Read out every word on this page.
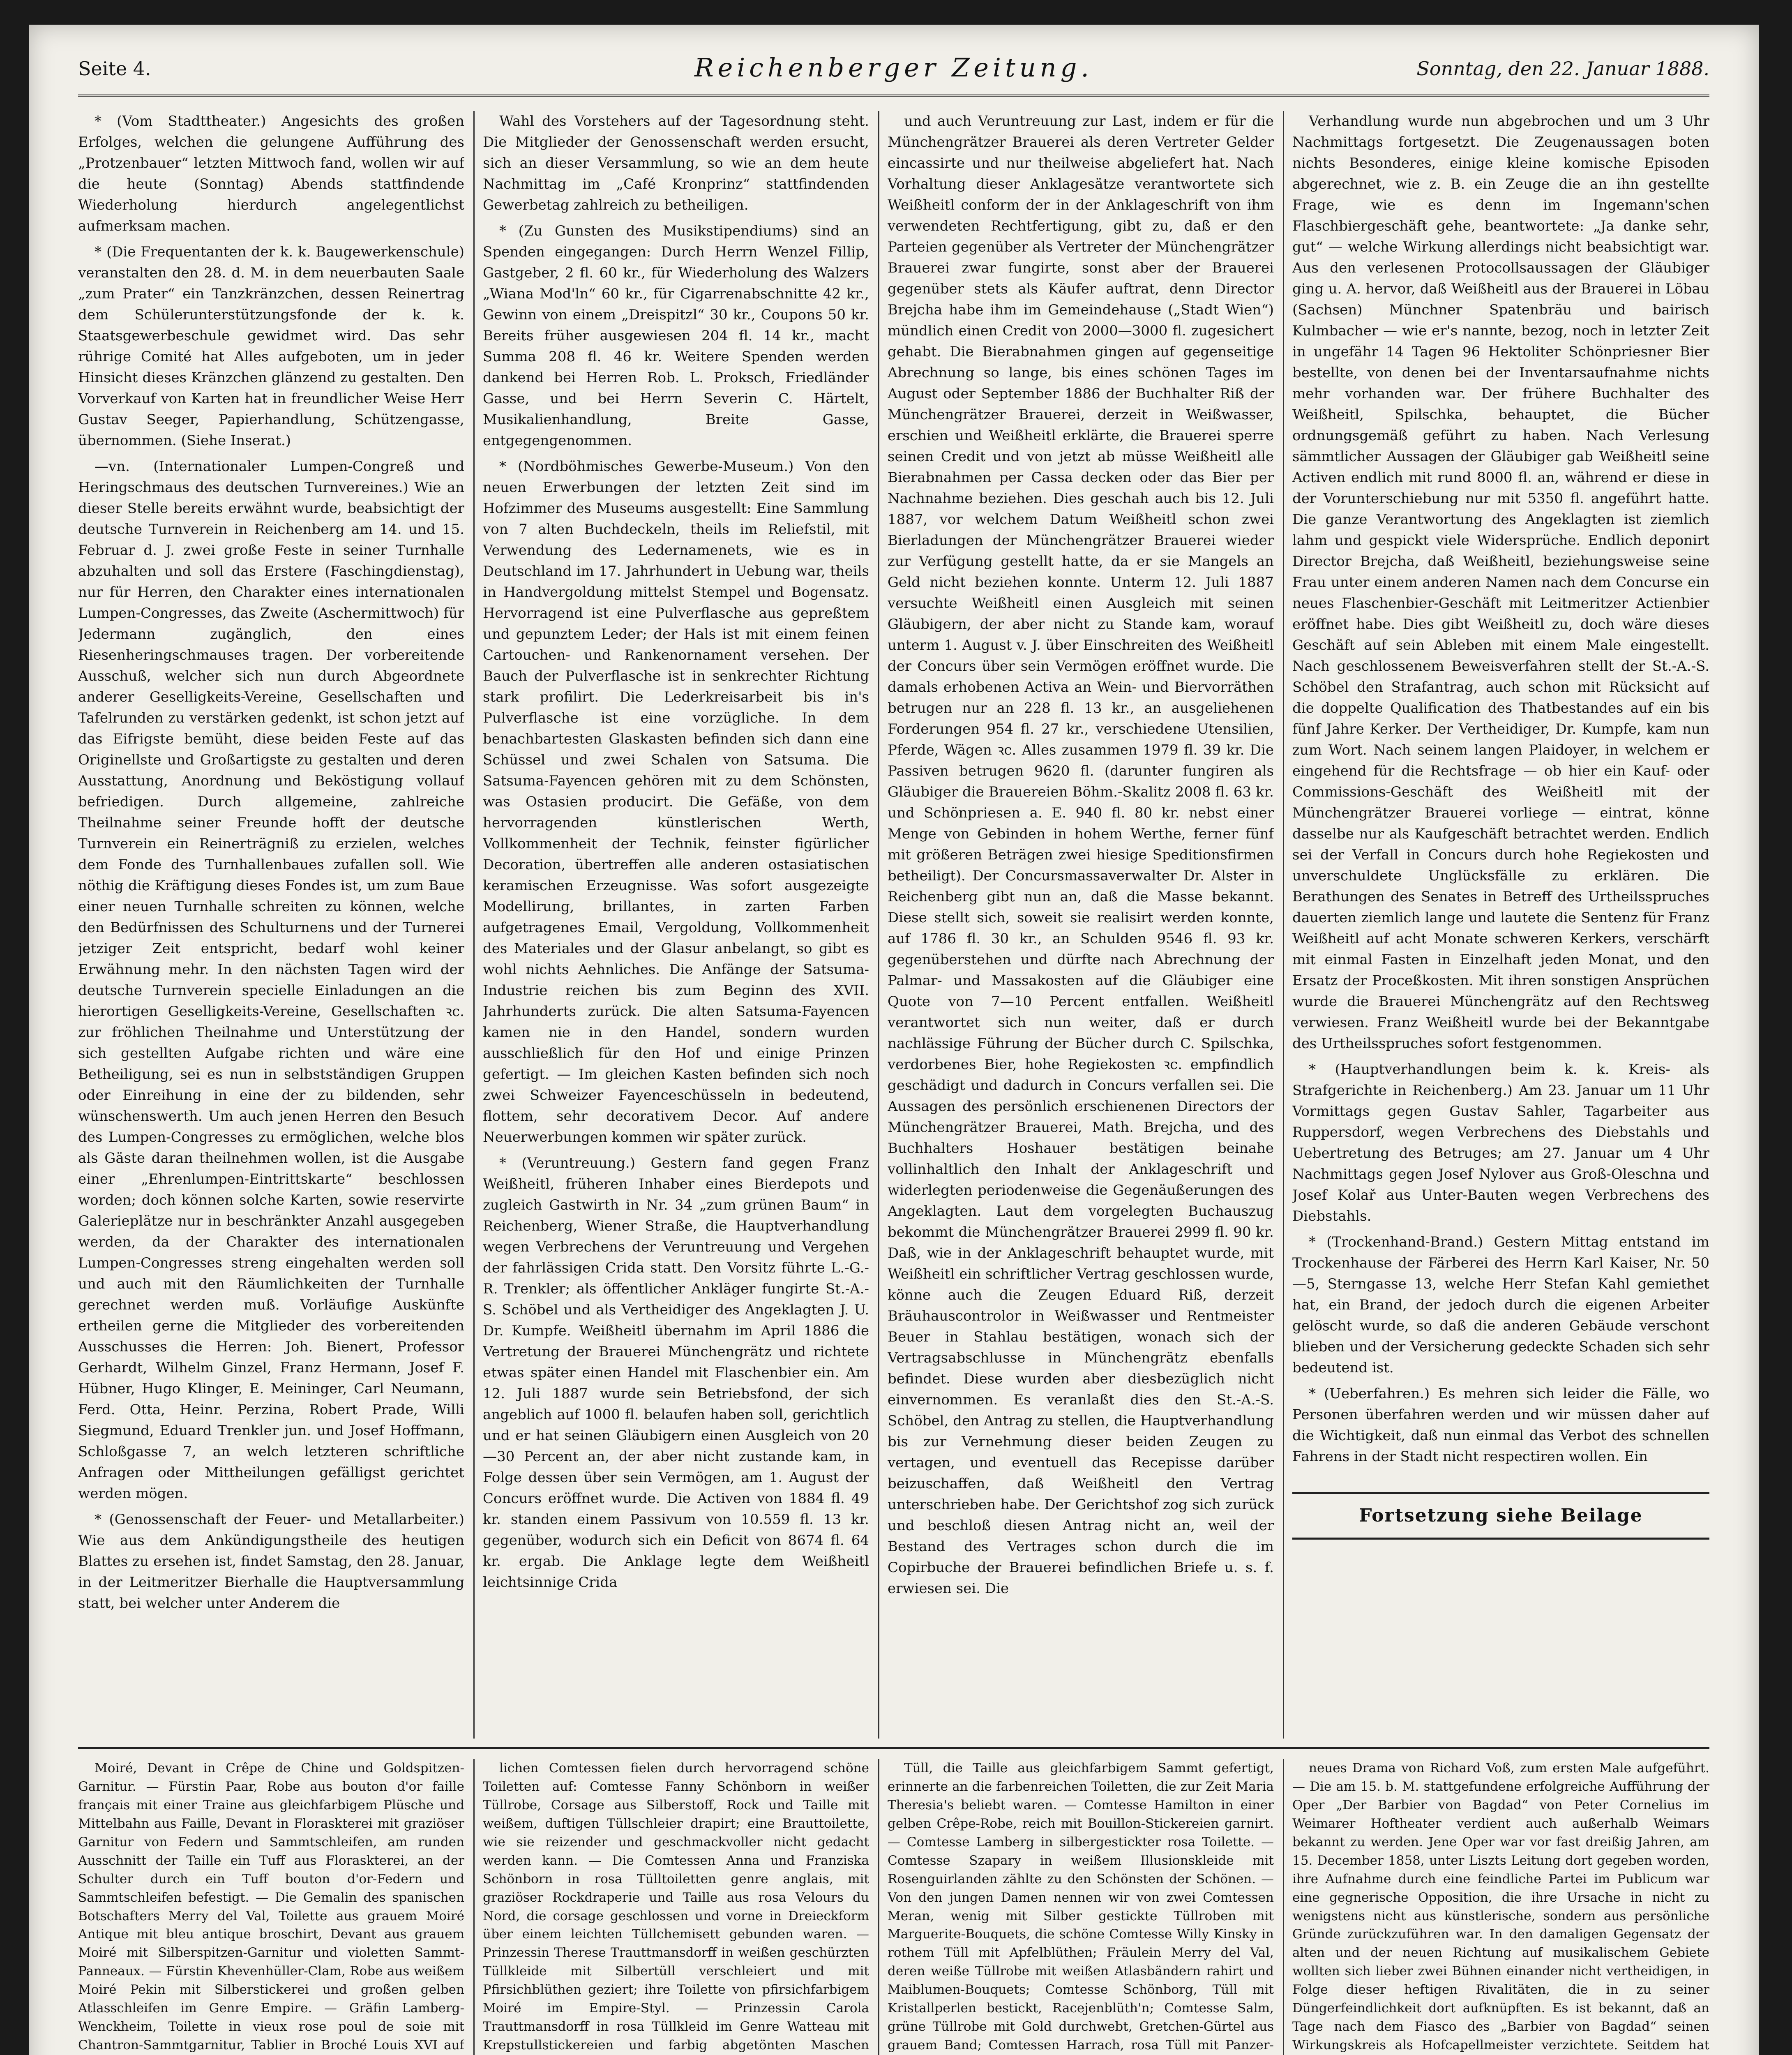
Seite 4.	Reichenberger Zeitung.	Sonntag, den 22. Januar 1888.

* (Vom Stadttheater.) Angesichts des großen Erfolges, welchen die gelungene Aufführung des „Protzenbauer“ letzten Mittwoch fand, wollen wir auf die heute (Sonntag) Abends stattfindende Wiederholung hierdurch angelegentlichst aufmerksam machen.

* (Die Frequentanten der k. k. Baugewerkenschule) veranstalten den 28. d. M. in dem neuerbauten Saale „zum Prater“ ein Tanzkränzchen, dessen Reinertrag dem Schülerunterstützungsfonde der k. k. Staatsgewerbeschule gewidmet wird. Das sehr rührige Comité hat Alles aufgeboten, um in jeder Hinsicht dieses Kränzchen glänzend zu gestalten. Den Vorverkauf von Karten hat in freundlicher Weise Herr Gustav Seeger, Papierhandlung, Schützengasse, übernommen. (Siehe Inserat.)

—vn. (Internationaler Lumpen-Congreß und Heringschmaus des deutschen Turnvereines.) Wie an dieser Stelle bereits erwähnt wurde, beabsichtigt der deutsche Turnverein in Reichenberg am 14. und 15. Februar d. J. zwei große Feste in seiner Turnhalle abzuhalten und soll das Erstere (Faschingdienstag), nur für Herren, den Charakter eines internationalen Lumpen-Congresses, das Zweite (Aschermittwoch) für Jedermann zugänglich, den eines Riesenheringschmauses tragen. Der vorbereitende Ausschuß, welcher sich nun durch Abgeordnete anderer Geselligkeits-Vereine, Gesellschaften und Tafelrunden zu verstärken gedenkt, ist schon jetzt auf das Eifrigste bemüht, diese beiden Feste auf das Originellste und Großartigste zu gestalten und deren Ausstattung, Anordnung und Beköstigung vollauf befriedigen. Durch allgemeine, zahlreiche Theilnahme seiner Freunde hofft der deutsche Turnverein ein Reinerträgniß zu erzielen, welches dem Fonde des Turnhallenbaues zufallen soll. Wie nöthig die Kräftigung dieses Fondes ist, um zum Baue einer neuen Turnhalle schreiten zu können, welche den Bedürfnissen des Schulturnens und der Turnerei jetziger Zeit entspricht, bedarf wohl keiner Erwähnung mehr. In den nächsten Tagen wird der deutsche Turnverein specielle Einladungen an die hierortigen Geselligkeits-Vereine, Gesellschaften ꝛc. zur fröhlichen Theilnahme und Unterstützung der sich gestellten Aufgabe richten und wäre eine Betheiligung, sei es nun in selbstständigen Gruppen oder Einreihung in eine der zu bildenden, sehr wünschenswerth. Um auch jenen Herren den Besuch des Lumpen-Congresses zu ermöglichen, welche blos als Gäste daran theilnehmen wollen, ist die Ausgabe einer „Ehrenlumpen-Eintrittskarte“ beschlossen worden; doch können solche Karten, sowie reservirte Galerieplätze nur in beschränkter Anzahl ausgegeben werden, da der Charakter des internationalen Lumpen-Congresses streng eingehalten werden soll und auch mit den Räumlichkeiten der Turnhalle gerechnet werden muß. Vorläufige Auskünfte ertheilen gerne die Mitglieder des vorbereitenden Ausschusses die Herren: Joh. Bienert, Professor Gerhardt, Wilhelm Ginzel, Franz Hermann, Josef F. Hübner, Hugo Klinger, E. Meininger, Carl Neumann, Ferd. Otta, Heinr. Perzina, Robert Prade, Willi Siegmund, Eduard Trenkler jun. und Josef Hoffmann, Schloßgasse 7, an welch letzteren schriftliche Anfragen oder Mittheilungen gefälligst gerichtet werden mögen.

* (Genossenschaft der Feuer- und Metallarbeiter.) Wie aus dem Ankündigungstheile des heutigen Blattes zu ersehen ist, findet Samstag, den 28. Januar, in der Leitmeritzer Bierhalle die Hauptversammlung statt, bei welcher unter Anderem die

Wahl des Vorstehers auf der Tagesordnung steht. Die Mitglieder der Genossenschaft werden ersucht, sich an dieser Versammlung, so wie an dem heute Nachmittag im „Café Kronprinz“ stattfindenden Gewerbetag zahlreich zu betheiligen.

* (Zu Gunsten des Musikstipendiums) sind an Spenden eingegangen: Durch Herrn Wenzel Fillip, Gastgeber, 2 fl. 60 kr., für Wiederholung des Walzers „Wiana Mod'ln“ 60 kr., für Cigarrenabschnitte 42 kr., Gewinn von einem „Dreispitzl“ 30 kr., Coupons 50 kr. Bereits früher ausgewiesen 204 fl. 14 kr., macht Summa 208 fl. 46 kr. Weitere Spenden werden dankend bei Herren Rob. L. Proksch, Friedländer Gasse, und bei Herrn Severin C. Härtelt, Musikalienhandlung, Breite Gasse, entgegengenommen.

* (Nordböhmisches Gewerbe-Museum.) Von den neuen Erwerbungen der letzten Zeit sind im Hofzimmer des Museums ausgestellt: Eine Sammlung von 7 alten Buchdeckeln, theils im Reliefstil, mit Verwendung des Ledernamenets, wie es in Deutschland im 17. Jahrhundert in Uebung war, theils in Handvergoldung mittelst Stempel und Bogensatz. Hervorragend ist eine Pulverflasche aus gepreßtem und gepunztem Leder; der Hals ist mit einem feinen Cartouchen- und Rankenornament versehen. Der Bauch der Pulverflasche ist in senkrechter Richtung stark profilirt. Die Lederkreisarbeit bis in's Pulverflasche ist eine vorzügliche. In dem benachbartesten Glaskasten befinden sich dann eine Schüssel und zwei Schalen von Satsuma. Die Satsuma-Fayencen gehören mit zu dem Schönsten, was Ostasien producirt. Die Gefäße, von dem hervorragenden künstlerischen Werth, Vollkommenheit der Technik, feinster figürlicher Decoration, übertreffen alle anderen ostasiatischen keramischen Erzeugnisse. Was sofort ausgezeigte Modellirung, brillantes, in zarten Farben aufgetragenes Email, Vergoldung, Vollkommenheit des Materiales und der Glasur anbelangt, so gibt es wohl nichts Aehnliches. Die Anfänge der Satsuma-Industrie reichen bis zum Beginn des XVII. Jahrhunderts zurück. Die alten Satsuma-Fayencen kamen nie in den Handel, sondern wurden ausschließlich für den Hof und einige Prinzen gefertigt. — Im gleichen Kasten befinden sich noch zwei Schweizer Fayenceschüsseln in bedeutend, flottem, sehr decorativem Decor. Auf andere Neuerwerbungen kommen wir später zurück.

* (Veruntreuung.) Gestern fand gegen Franz Weißheitl, früheren Inhaber eines Bierdepots und zugleich Gastwirth in Nr. 34 „zum grünen Baum“ in Reichenberg, Wiener Straße, die Hauptverhandlung wegen Verbrechens der Veruntreuung und Vergehen der fahrlässigen Crida statt. Den Vorsitz führte L.-G.-R. Trenkler; als öffentlicher Ankläger fungirte St.-A.-S. Schöbel und als Vertheidiger des Angeklagten J. U. Dr. Kumpfe. Weißheitl übernahm im April 1886 die Vertretung der Brauerei Münchengrätz und richtete etwas später einen Handel mit Flaschenbier ein. Am 12. Juli 1887 wurde sein Betriebsfond, der sich angeblich auf 1000 fl. belaufen haben soll, gerichtlich und er hat seinen Gläubigern einen Ausgleich von 20—30 Percent an, der aber nicht zustande kam, in Folge dessen über sein Vermögen, am 1. August der Concurs eröffnet wurde. Die Activen von 1884 fl. 49 kr. standen einem Passivum von 10.559 fl. 13 kr. gegenüber, wodurch sich ein Deficit von 8674 fl. 64 kr. ergab. Die Anklage legte dem Weißheitl leichtsinnige Crida

und auch Veruntreuung zur Last, indem er für die Münchengrätzer Brauerei als deren Vertreter Gelder eincassirte und nur theilweise abgeliefert hat. Nach Vorhaltung dieser Anklagesätze verantwortete sich Weißheitl conform der in der Anklageschrift von ihm verwendeten Rechtfertigung, gibt zu, daß er den Parteien gegenüber als Vertreter der Münchengrätzer Brauerei zwar fungirte, sonst aber der Brauerei gegenüber stets als Käufer auftrat, denn Director Brejcha habe ihm im Gemeindehause („Stadt Wien“) mündlich einen Credit von 2000—3000 fl. zugesichert gehabt. Die Bierabnahmen gingen auf gegenseitige Abrechnung so lange, bis eines schönen Tages im August oder September 1886 der Buchhalter Riß der Münchengrätzer Brauerei, derzeit in Weißwasser, erschien und Weißheitl erklärte, die Brauerei sperre seinen Credit und von jetzt ab müsse Weißheitl alle Bierabnahmen per Cassa decken oder das Bier per Nachnahme beziehen. Dies geschah auch bis 12. Juli 1887, vor welchem Datum Weißheitl schon zwei Bierladungen der Münchengrätzer Brauerei wieder zur Verfügung gestellt hatte, da er sie Mangels an Geld nicht beziehen konnte. Unterm 12. Juli 1887 versuchte Weißheitl einen Ausgleich mit seinen Gläubigern, der aber nicht zu Stande kam, worauf unterm 1. August v. J. über Einschreiten des Weißheitl der Concurs über sein Vermögen eröffnet wurde. Die damals erhobenen Activa an Wein- und Biervorräthen betrugen nur an 228 fl. 13 kr., an ausgeliehenen Forderungen 954 fl. 27 kr., verschiedene Utensilien, Pferde, Wägen ꝛc. Alles zusammen 1979 fl. 39 kr. Die Passiven betrugen 9620 fl. (darunter fungiren als Gläubiger die Brauereien Böhm.-Skalitz 2008 fl. 63 kr. und Schönpriesen a. E. 940 fl. 80 kr. nebst einer Menge von Gebinden in hohem Werthe, ferner fünf mit größeren Beträgen zwei hiesige Speditionsfirmen betheiligt). Der Concursmassaverwalter Dr. Alster in Reichenberg gibt nun an, daß die Masse bekannt. Diese stellt sich, soweit sie realisirt werden konnte, auf 1786 fl. 30 kr., an Schulden 9546 fl. 93 kr. gegenüberstehen und dürfte nach Abrechnung der Palmar- und Massakosten auf die Gläubiger eine Quote von 7—10 Percent entfallen. Weißheitl verantwortet sich nun weiter, daß er durch nachlässige Führung der Bücher durch C. Spilschka, verdorbenes Bier, hohe Regiekosten ꝛc. empfindlich geschädigt und dadurch in Concurs verfallen sei. Die Aussagen des persönlich erschienenen Directors der Münchengrätzer Brauerei, Math. Brejcha, und des Buchhalters Hoshauer bestätigen beinahe vollinhaltlich den Inhalt der Anklageschrift und widerlegten periodenweise die Gegenäußerungen des Angeklagten. Laut dem vorgelegten Buchauszug bekommt die Münchengrätzer Brauerei 2999 fl. 90 kr. Daß, wie in der Anklageschrift behauptet wurde, mit Weißheitl ein schriftlicher Vertrag geschlossen wurde, könne auch die Zeugen Eduard Riß, derzeit Bräuhauscontrolor in Weißwasser und Rentmeister Beuer in Stahlau bestätigen, wonach sich der Vertragsabschlusse in Münchengrätz ebenfalls befindet. Diese wurden aber diesbezüglich nicht einvernommen. Es veranlaßt dies den St.-A.-S. Schöbel, den Antrag zu stellen, die Hauptverhandlung bis zur Vernehmung dieser beiden Zeugen zu vertagen, und eventuell das Recepisse darüber beizuschaffen, daß Weißheitl den Vertrag unterschrieben habe. Der Gerichtshof zog sich zurück und beschloß diesen Antrag nicht an, weil der Bestand des Vertrages schon durch die im Copirbuche der Brauerei befindlichen Briefe u. s. f. erwiesen sei. Die

Verhandlung wurde nun abgebrochen und um 3 Uhr Nachmittags fortgesetzt. Die Zeugenaussagen boten nichts Besonderes, einige kleine komische Episoden abgerechnet, wie z. B. ein Zeuge die an ihn gestellte Frage, wie es denn im Ingemann'schen Flaschbiergeschäft gehe, beantwortete: „Ja danke sehr, gut“ — welche Wirkung allerdings nicht beabsichtigt war. Aus den verlesenen Protocollsaussagen der Gläubiger ging u. A. hervor, daß Weißheitl aus der Brauerei in Löbau (Sachsen) Münchner Spatenbräu und bairisch Kulmbacher — wie er's nannte, bezog, noch in letzter Zeit in ungefähr 14 Tagen 96 Hektoliter Schönpriesner Bier bestellte, von denen bei der Inventarsaufnahme nichts mehr vorhanden war. Der frühere Buchhalter des Weißheitl, Spilschka, behauptet, die Bücher ordnungsgemäß geführt zu haben. Nach Verlesung sämmtlicher Aussagen der Gläubiger gab Weißheitl seine Activen endlich mit rund 8000 fl. an, während er diese in der Vorunterschiebung nur mit 5350 fl. angeführt hatte. Die ganze Verantwortung des Angeklagten ist ziemlich lahm und gespickt viele Widersprüche. Endlich deponirt Director Brejcha, daß Weißheitl, beziehungsweise seine Frau unter einem anderen Namen nach dem Concurse ein neues Flaschenbier-Geschäft mit Leitmeritzer Actienbier eröffnet habe. Dies gibt Weißheitl zu, doch wäre dieses Geschäft auf sein Ableben mit einem Male eingestellt. Nach geschlossenem Beweisverfahren stellt der St.-A.-S. Schöbel den Strafantrag, auch schon mit Rücksicht auf die doppelte Qualification des Thatbestandes auf ein bis fünf Jahre Kerker. Der Vertheidiger, Dr. Kumpfe, kam nun zum Wort. Nach seinem langen Plaidoyer, in welchem er eingehend für die Rechtsfrage — ob hier ein Kauf- oder Commissions-Geschäft des Weißheitl mit der Münchengrätzer Brauerei vorliege — eintrat, könne dasselbe nur als Kaufgeschäft betrachtet werden. Endlich sei der Verfall in Concurs durch hohe Regiekosten und unverschuldete Unglücksfälle zu erklären. Die Berathungen des Senates in Betreff des Urtheilsspruches dauerten ziemlich lange und lautete die Sentenz für Franz Weißheitl auf acht Monate schweren Kerkers, verschärft mit einmal Fasten in Einzelhaft jeden Monat, und den Ersatz der Proceßkosten. Mit ihren sonstigen Ansprüchen wurde die Brauerei Münchengrätz auf den Rechtsweg verwiesen. Franz Weißheitl wurde bei der Bekanntgabe des Urtheilsspruches sofort festgenommen.

* (Hauptverhandlungen beim k. k. Kreis- als Strafgerichte in Reichenberg.) Am 23. Januar um 11 Uhr Vormittags gegen Gustav Sahler, Tagarbeiter aus Ruppersdorf, wegen Verbrechens des Diebstahls und Uebertretung des Betruges; am 27. Januar um 4 Uhr Nachmittags gegen Josef Nylover aus Groß-Oleschna und Josef Kolař aus Unter-Bauten wegen Verbrechens des Diebstahls.

* (Trockenhand-Brand.) Gestern Mittag entstand im Trockenhause der Färberei des Herrn Karl Kaiser, Nr. 50—5, Sterngasse 13, welche Herr Stefan Kahl gemiethet hat, ein Brand, der jedoch durch die eigenen Arbeiter gelöscht wurde, so daß die anderen Gebäude verschont blieben und der Versicherung gedeckte Schaden sich sehr bedeutend ist.

* (Ueberfahren.) Es mehren sich leider die Fälle, wo Personen überfahren werden und wir müssen daher auf die Wichtigkeit, daß nun einmal das Verbot des schnellen Fahrens in der Stadt nicht respectiren wollen. Ein

Fortsetzung siehe Beilage

Moiré, Devant in Crêpe de Chine und Goldspitzen-Garnitur. — Fürstin Paar, Robe aus bouton d'or faille français mit einer Traine aus gleichfarbigem Plüsche und Mittelbahn aus Faille, Devant in Floraskterei mit graziöser Garnitur von Federn und Sammtschleifen, am runden Ausschnitt der Taille ein Tuff aus Floraskterei, an der Schulter durch ein Tuff bouton d'or-Federn und Sammtschleifen befestigt. — Die Gemalin des spanischen Botschafters Merry del Val, Toilette aus grauem Moiré Antique mit bleu antique broschirt, Devant aus grauem Moiré mit Silberspitzen-Garnitur und violetten Sammt-Panneaux. — Fürstin Khevenhüller-Clam, Robe aus weißem Moiré Pekin mit Silberstickerei und großen gelben Atlasschleifen im Genre Empire. — Gräfin Lamberg-Wenckheim, Toilette in vieux rose poul de soie mit Chantron-Sammtgarnitur, Tablier in Broché Louis XVI auf

lichen Comtessen fielen durch hervorragend schöne Toiletten auf: Comtesse Fanny Schönborn in weißer Tüllrobe, Corsage aus Silberstoff, Rock und Taille mit weißem, duftigen Tüllschleier drapirt; eine Brauttoilette, wie sie reizender und geschmackvoller nicht gedacht werden kann. — Die Comtessen Anna und Franziska Schönborn in rosa Tülltoiletten genre anglais, mit graziöser Rockdraperie und Taille aus rosa Velours du Nord, die corsage geschlossen und vorne in Dreieckform über einem leichten Tüllchemisett gebunden waren. — Prinzessin Therese Trauttmansdorff in weißen geschürzten Tüllkleide mit Silbertüll verschleiert und mit Pfirsichblüthen geziert; ihre Toilette von pfirsichfarbigem Moiré im Empire-Styl. — Prinzessin Carola Trauttmansdorff in rosa Tüllkleid im Genre Watteau mit Krepstullstickereien und farbig abgetönten Maschen

Tüll, die Taille aus gleichfarbigem Sammt gefertigt, erinnerte an die farbenreichen Toiletten, die zur Zeit Maria Theresia's beliebt waren. — Comtesse Hamilton in einer gelben Crêpe-Robe, reich mit Bouillon-Stickereien garnirt. — Comtesse Lamberg in silbergestickter rosa Toilette. — Comtesse Szapary in weißem Illusionskleide mit Rosenguirlanden zählte zu den Schönsten der Schönen. — Von den jungen Damen nennen wir von zwei Comtessen Meran, wenig mit Silber gestickte Tüllroben mit Marguerite-Bouquets, die schöne Comtesse Willy Kinsky in rothem Tüll mit Apfelblüthen; Fräulein Merry del Val, deren weiße Tüllrobe mit weißen Atlasbändern rahirt und Maiblumen-Bouquets; Comtesse Schönborg, Tüll mit Kristallperlen bestickt, Racejenblüth'n; Comtesse Salm, grüne Tüllrobe mit Gold durchwebt, Gretchen-Gürtel aus grauem Band; Comtessen Harrach, rosa Tüll mit Panzer-

neues Drama von Richard Voß, zum ersten Male aufgeführt. — Die am 15. b. M. stattgefundene erfolgreiche Aufführung der Oper „Der Barbier von Bagdad“ von Peter Cornelius im Weimarer Hoftheater verdient auch außerhalb Weimars bekannt zu werden. Jene Oper war vor fast dreißig Jahren, am 15. December 1858, unter Liszts Leitung dort gegeben worden, ihre Aufnahme durch eine feindliche Partei im Publicum war eine gegnerische Opposition, die ihre Ursache in nicht zu wenigstens nicht aus künstlerische, sondern aus persönliche Gründe zurückzuführen war. In den damaligen Gegensatz der alten und der neuen Richtung auf musikalischem Gebiete wollten sich lieber zwei Bühnen einander nicht vertheidigen, in Folge dieser heftigen Rivalitäten, die in zu seiner Düngerfeindlichkeit dort aufknüpften. Es ist bekannt, daß an Tage nach dem Fiasco des „Barbier von Bagdad“ seinen Wirkungskreis als Hofcapellmeister verzichtete. Seitdem hat
